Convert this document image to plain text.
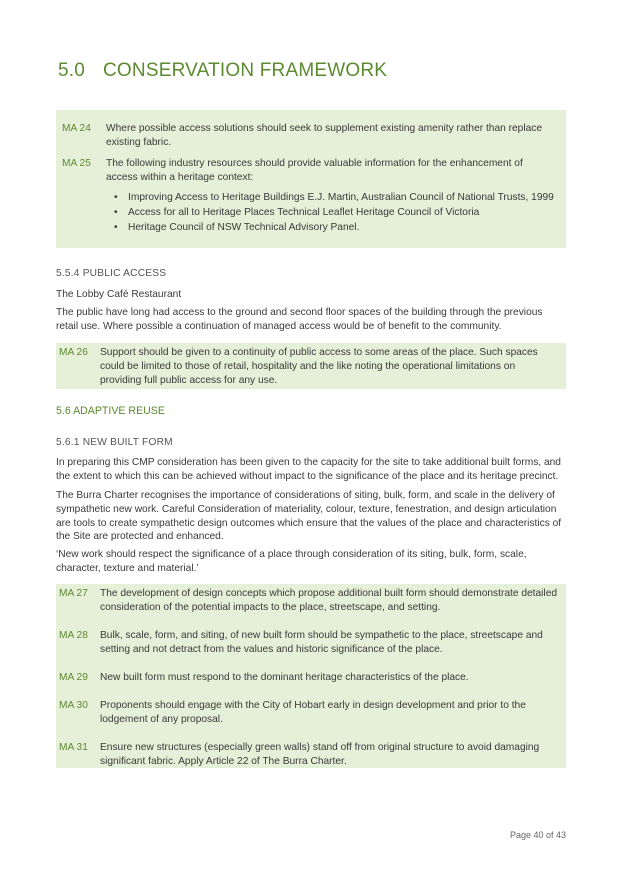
5.0 CONSERVATION FRAMEWORK
MA 24	Where possible access solutions should seek to supplement existing amenity rather than replace existing fabric.
MA 25	The following industry resources should provide valuable information for the enhancement of access within a heritage context:
• Improving Access to Heritage Buildings E.J. Martin, Australian Council of National Trusts, 1999
• Access for all to Heritage Places Technical Leaflet Heritage Council of Victoria
• Heritage Council of NSW Technical Advisory Panel.
5.5.4 PUBLIC ACCESS

The Lobby Café Restaurant

The public have long had access to the ground and second floor spaces of the building through the previous retail use. Where possible a continuation of managed access would be of benefit to the community.

MA 26	Support should be given to a continuity of public access to some areas of the place. Such spaces could be limited to those of retail, hospitality and the like noting the operational limitations on providing full public access for any use.
5.6 ADAPTIVE REUSE
5.6.1 NEW BUILT FORM

In preparing this CMP consideration has been given to the capacity for the site to take additional built forms, and the extent to which this can be achieved without impact to the significance of the place and its heritage precinct.

The Burra Charter recognises the importance of considerations of siting, bulk, form, and scale in the delivery of sympathetic new work. Careful Consideration of materiality, colour, texture, fenestration, and design articulation are tools to create sympathetic design outcomes which ensure that the values of the place and characteristics of the Site are protected and enhanced.

‘New work should respect the significance of a place through consideration of its siting, bulk, form, scale, character, texture and material.’

MA 27	The development of design concepts which propose additional built form should demonstrate detailed consideration of the potential impacts to the place, streetscape, and setting.
MA 28	Bulk, scale, form, and siting, of new built form should be sympathetic to the place, streetscape and setting and not detract from the values and historic significance of the place.
MA 29	New built form must respond to the dominant heritage characteristics of the place.
MA 30	Proponents should engage with the City of Hobart early in design development and prior to the lodgement of any proposal.
MA 31	Ensure new structures (especially green walls) stand off from original structure to avoid damaging significant fabric. Apply Article 22 of The Burra Charter.
Page 40 of 43
